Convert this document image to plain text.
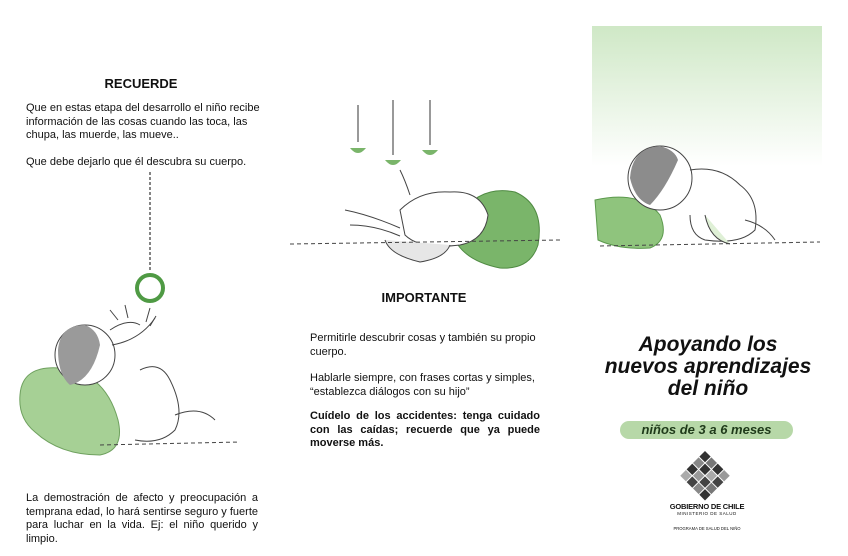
RECUERDE
Que en estas etapa del desarrollo el niño recibe información de las cosas cuando las toca, las chupa, las muerde, las mueve..
Que debe dejarlo que él descubra su cuerpo.
La demostración de afecto y preocupación a temprana edad, lo hará sentirse seguro y fuerte para luchar en la vida. Ej: el niño querido y limpio.
IMPORTANTE
Permitirle descubrir cosas y también su propio cuerpo.
Hablarle siempre, con frases cortas y simples, “establezca diálogos con su hijo”
Cuídelo de los accidentes: tenga cuidado con las caídas; recuerde que ya puede moverse más.
Apoyando los
nuevos aprendizajes
del niño
niños de 3 a 6 meses
GOBIERNO DE CHILE
MINISTERIO DE SALUD
PROGRAMA DE SALUD DEL NIÑO
